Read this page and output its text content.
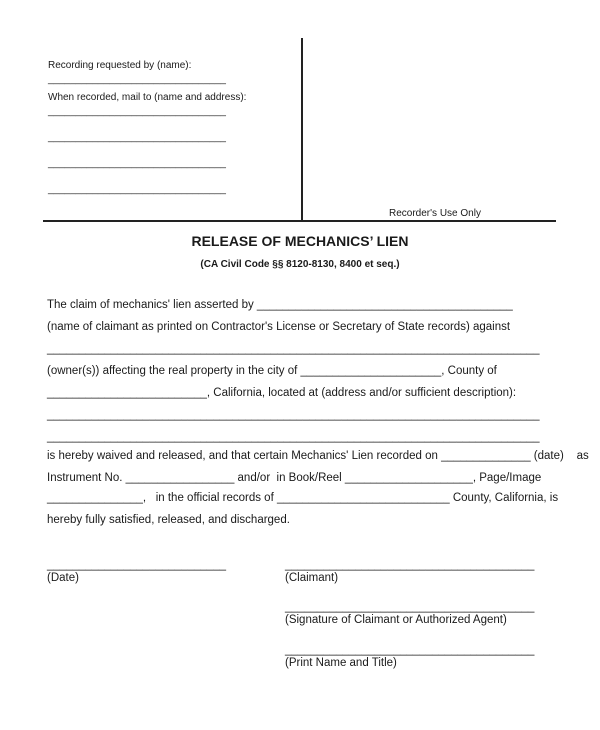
Recording requested by (name):
________________________________
When recorded, mail to (name and address):
________________________________
________________________________
________________________________
________________________________
Recorder's Use Only
RELEASE OF MECHANICS’ LIEN
(CA Civil Code §§ 8120-8130, 8400 et seq.)
The claim of mechanics' lien asserted by ________________________________________
(name of claimant as printed on Contractor's License or Secretary of State records) against
_____________________________________________________________________________
(owner(s)) affecting the real property in the city of ______________________, County of
_________________________, California, located at (address and/or sufficient description):
_____________________________________________________________________________
_____________________________________________________________________________
is hereby waived and released, and that certain Mechanics' Lien recorded on ______________ (date)    as
Instrument No. _________________ and/or  in Book/Reel ____________________, Page/Image
_______________,   in the official records of ___________________________ County, California, is
hereby fully satisfied, released, and discharged.
____________________________
(Date)
_______________________________________
(Claimant)
_______________________________________
(Signature of Claimant or Authorized Agent)
_______________________________________
(Print Name and Title)
